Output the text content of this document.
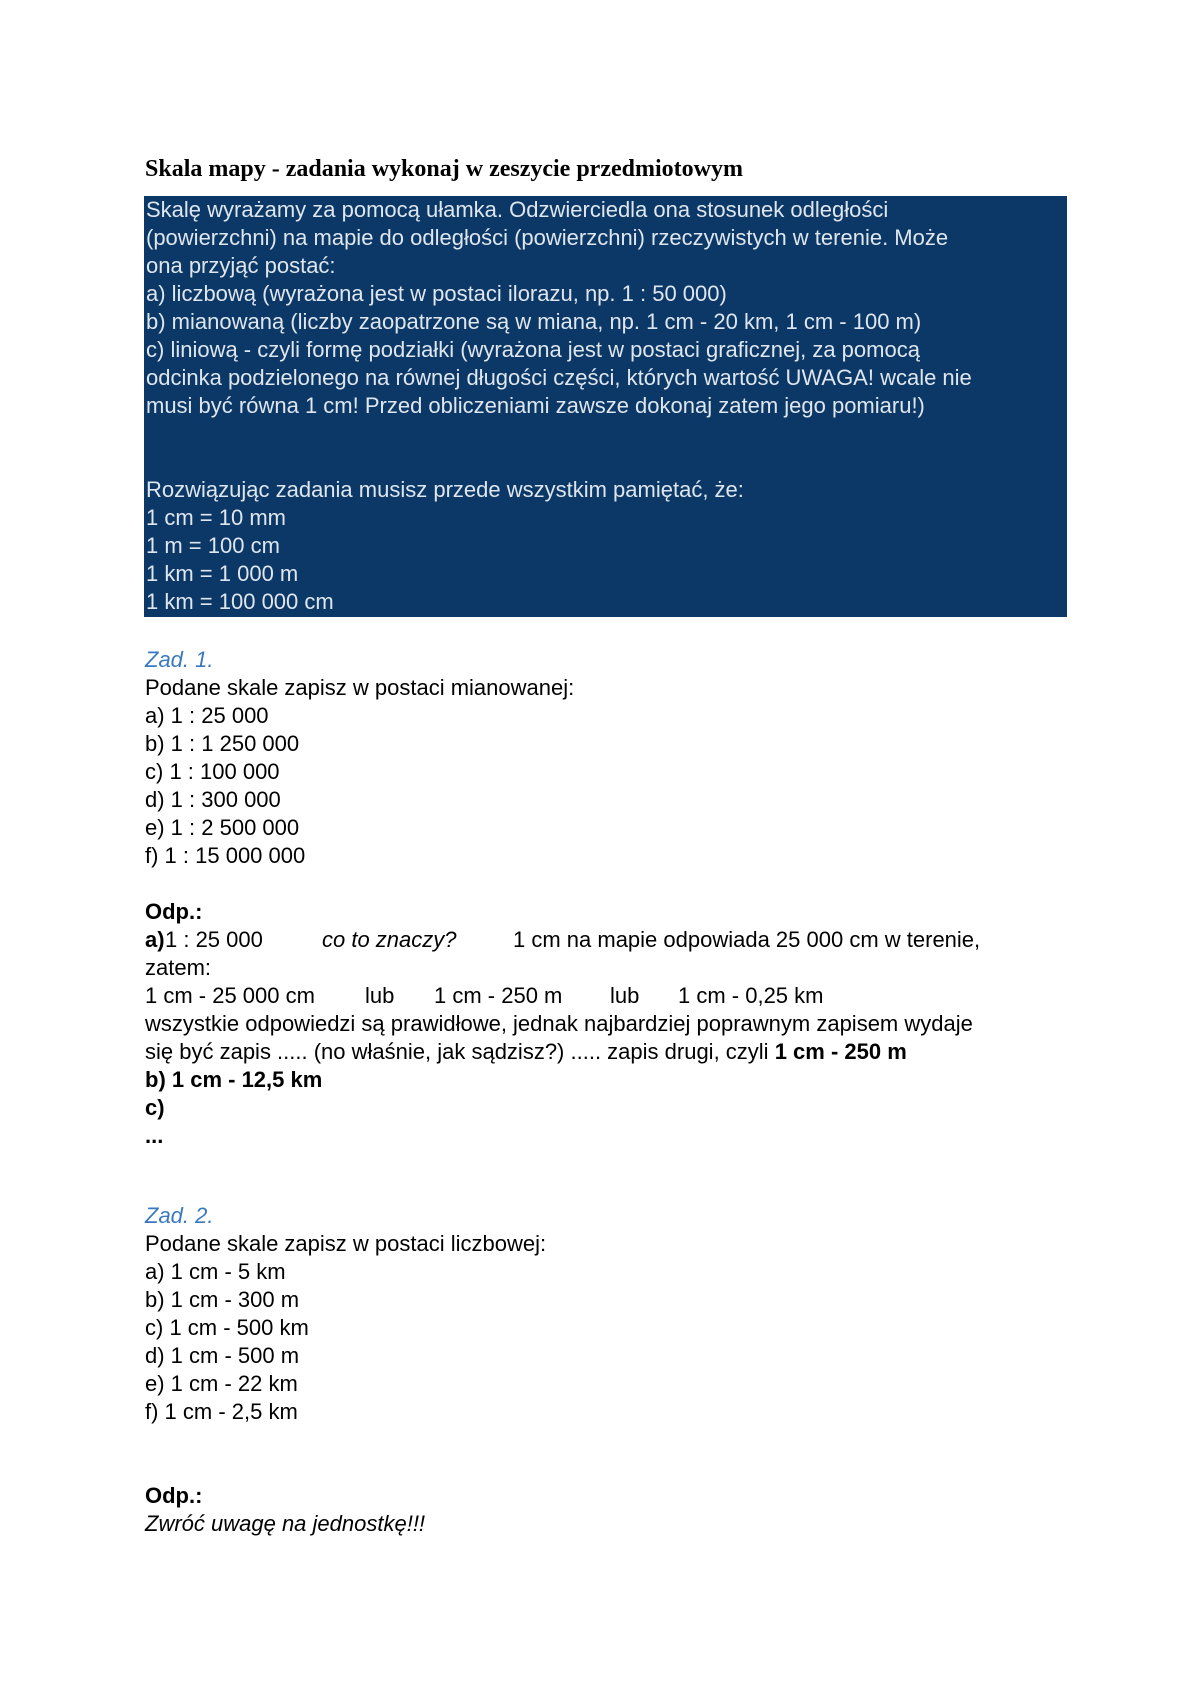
Skala mapy - zadania wykonaj w zeszycie przedmiotowym
Skalę wyrażamy za pomocą ułamka. Odzwierciedla ona stosunek odległości
(powierzchni) na mapie do odległości (powierzchni) rzeczywistych w terenie. Może
ona przyjąć postać:
a) liczbową (wyrażona jest w postaci ilorazu, np. 1 : 50 000)
b) mianowaną (liczby zaopatrzone są w miana, np. 1 cm - 20 km, 1 cm - 100 m)
c) liniową - czyli formę podziałki (wyrażona jest w postaci graficznej, za pomocą
odcinka podzielonego na równej długości części, których wartość UWAGA! wcale nie
musi być równa 1 cm! Przed obliczeniami zawsze dokonaj zatem jego pomiaru!)
Rozwiązując zadania musisz przede wszystkim pamiętać, że:
1 cm = 10 mm
1 m = 100 cm
1 km = 1 000 m
1 km = 100 000 cm
Zad. 1.
Podane skale zapisz w postaci mianowanej:
a) 1 : 25 000
b) 1 : 1 250 000
c) 1 : 100 000
d) 1 : 300 000
e) 1 : 2 500 000
f) 1 : 15 000 000
Odp.:
a) 1 : 25 000	co to znaczy?	1 cm na mapie odpowiada 25 000 cm w terenie,
zatem:
1 cm - 25 000 cm lub 1 cm - 250 m lub 1 cm - 0,25 km
wszystkie odpowiedzi są prawidłowe, jednak najbardziej poprawnym zapisem wydaje
się być zapis ..... (no właśnie, jak sądzisz?) ..... zapis drugi, czyli 1 cm - 250 m
b) 1 cm - 12,5 km
c)
...
Zad. 2.
Podane skale zapisz w postaci liczbowej:
a) 1 cm - 5 km
b) 1 cm - 300 m
c) 1 cm - 500 km
d) 1 cm - 500 m
e) 1 cm - 22 km
f) 1 cm - 2,5 km
Odp.:
Zwróć uwagę na jednostkę!!!
